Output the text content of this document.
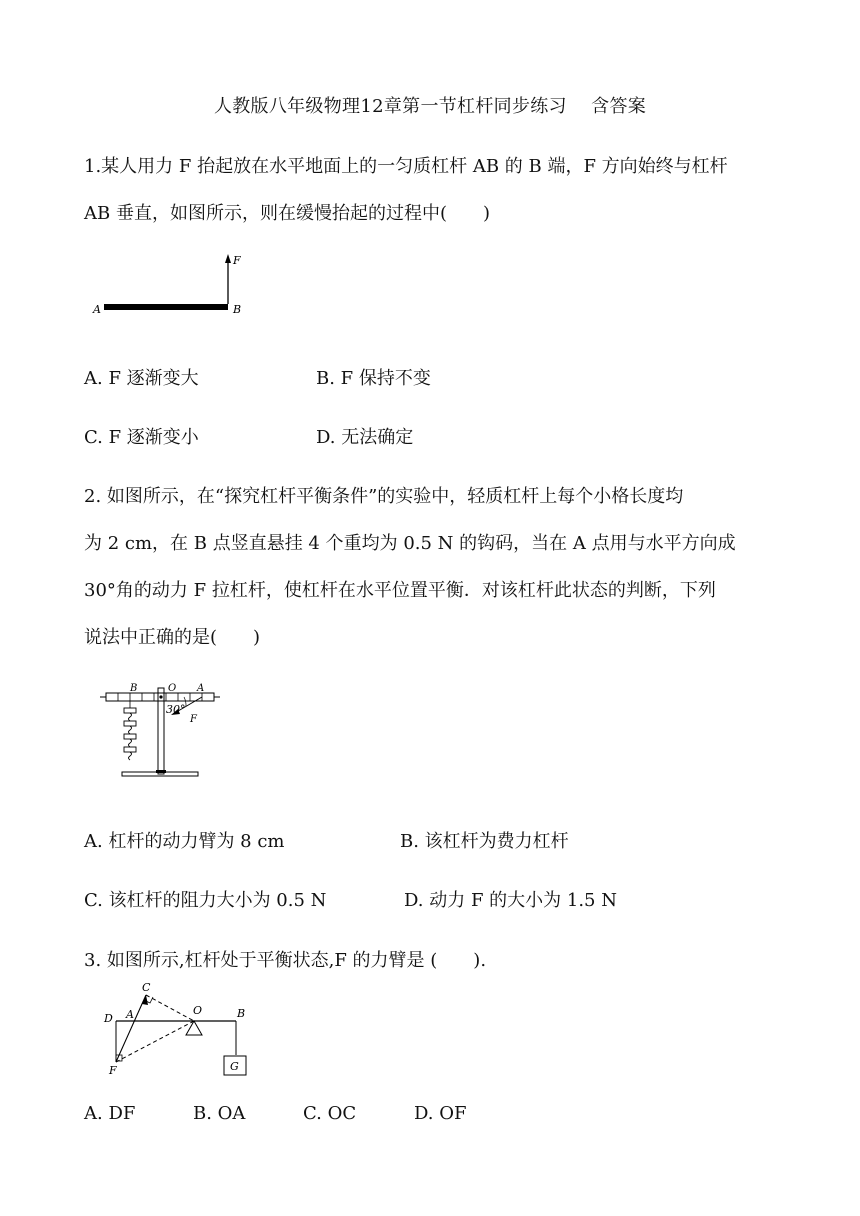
人教版八年级物理12章第一节杠杆同步练习　 含答案
1.某人用力 F 抬起放在水平地面上的一匀质杠杆 AB 的 B 端，F 方向始终与杠杆
AB 垂直，如图所示，则在缓慢抬起的过程中(　　)
A
F
B
A. F 逐渐变大	B. F 保持不变
C. F 逐渐变小	D. 无法确定
2. 如图所示，在“探究杠杆平衡条件”的实验中，轻质杠杆上每个小格长度均
为 2 cm，在 B 点竖直悬挂 4 个重均为 0.5 N 的钩码，当在 A 点用与水平方向成
30°角的动力 F 拉杠杆，使杠杆在水平位置平衡．对该杠杆此状态的判断，下列
说法中正确的是(　　)
B	O A
30°
F
A. 杠杆的动力臂为 8 cm	B. 该杠杆为费力杠杆
C. 该杠杆的阻力大小为 0.5 N	D. 动力 F 的大小为 1.5 N
3. 如图所示,杠杆处于平衡状态,F 的力臂是 (　　).
C
D A	O	B
F	G
A. DF	B. OA	C. OC	D. OF
